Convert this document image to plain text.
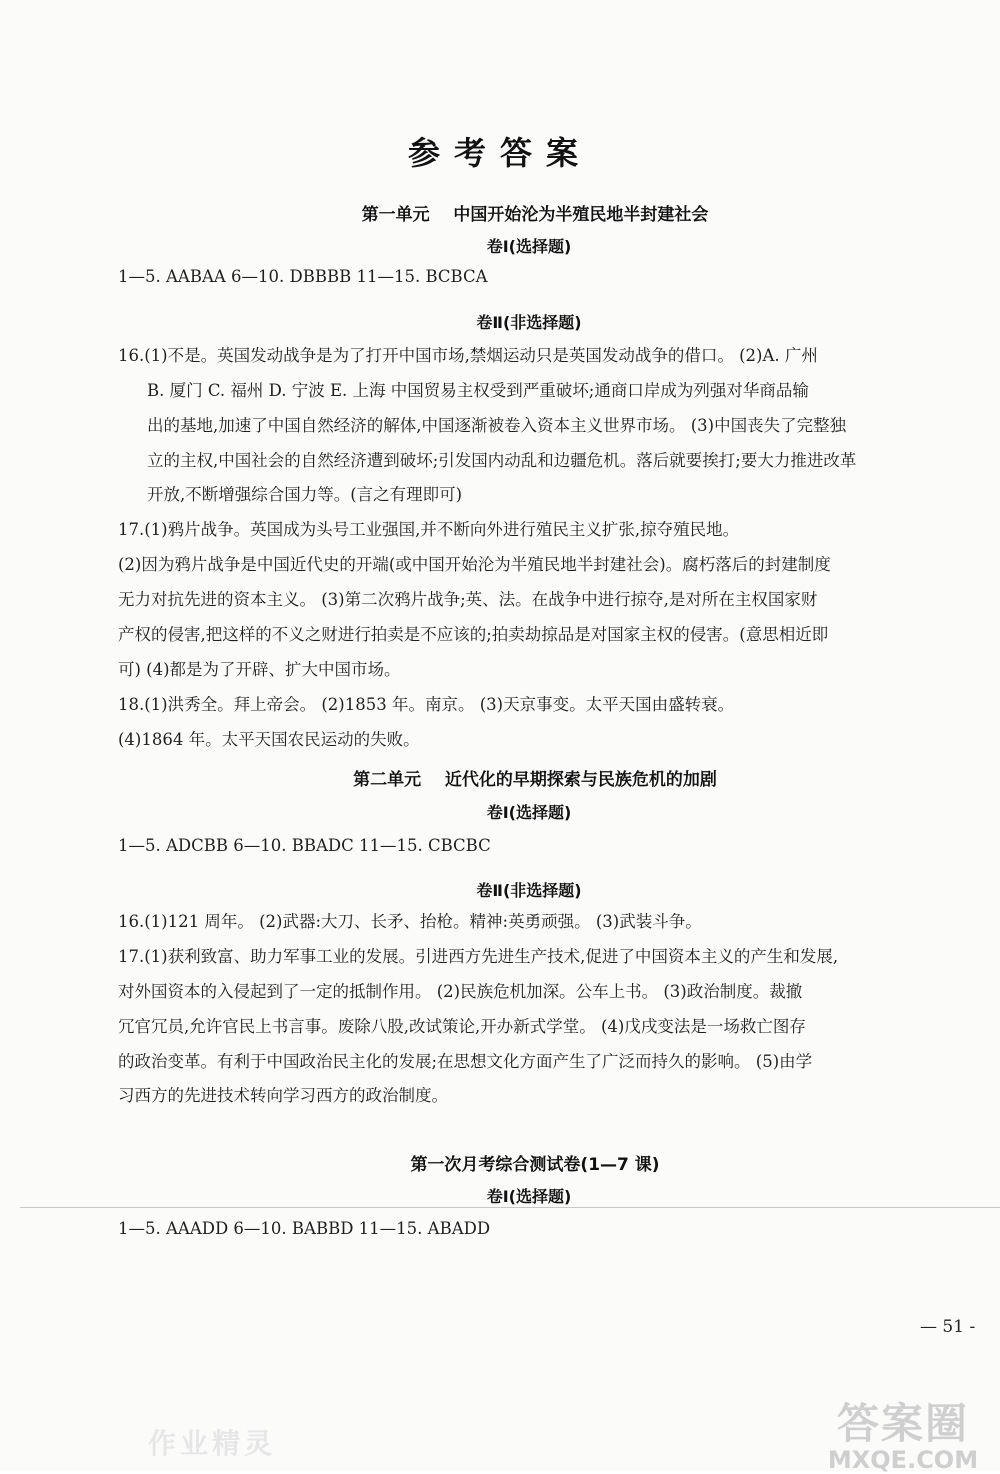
参考答案
第一单元    中国开始沦为半殖民地半封建社会
卷Ⅰ(选择题)
1—5. AABAA 6—10. DBBBB 11—15. BCBCA
卷Ⅱ(非选择题)
16.(1)不是。英国发动战争是为了打开中国市场,禁烟运动只是英国发动战争的借口。 (2)A. 广州
B. 厦门 C. 福州 D. 宁波 E. 上海 中国贸易主权受到严重破坏;通商口岸成为列强对华商品输
出的基地,加速了中国自然经济的解体,中国逐渐被卷入资本主义世界市场。 (3)中国丧失了完整独
立的主权,中国社会的自然经济遭到破坏;引发国内动乱和边疆危机。落后就要挨打;要大力推进改革
开放,不断增强综合国力等。(言之有理即可)
17.(1)鸦片战争。英国成为头号工业强国,并不断向外进行殖民主义扩张,掠夺殖民地。
(2)因为鸦片战争是中国近代史的开端(或中国开始沦为半殖民地半封建社会)。腐朽落后的封建制度
无力对抗先进的资本主义。 (3)第二次鸦片战争;英、法。在战争中进行掠夺,是对所在主权国家财
产权的侵害,把这样的不义之财进行拍卖是不应该的;拍卖劫掠品是对国家主权的侵害。(意思相近即
可) (4)都是为了开辟、扩大中国市场。
18.(1)洪秀全。拜上帝会。 (2)1853 年。南京。 (3)天京事变。太平天国由盛转衰。
(4)1864 年。太平天国农民运动的失败。
第二单元    近代化的早期探索与民族危机的加剧
卷Ⅰ(选择题)
1—5. ADCBB 6—10. BBADC 11—15. CBCBC
卷Ⅱ(非选择题)
16.(1)121 周年。 (2)武器:大刀、长矛、抬枪。精神:英勇顽强。 (3)武装斗争。
17.(1)获利致富、助力军事工业的发展。引进西方先进生产技术,促进了中国资本主义的产生和发展,
对外国资本的入侵起到了一定的抵制作用。 (2)民族危机加深。公车上书。 (3)政治制度。裁撤
冗官冗员,允许官民上书言事。废除八股,改试策论,开办新式学堂。 (4)戊戌变法是一场救亡图存
的政治变革。有利于中国政治民主化的发展;在思想文化方面产生了广泛而持久的影响。 (5)由学
习西方的先进技术转向学习西方的政治制度。
第一次月考综合测试卷(1—7 课)
卷Ⅰ(选择题)
1—5. AAADD 6—10. BABBD 11—15. ABADD
— 51 -
作业精灵	答案圈
MXQE.COM
